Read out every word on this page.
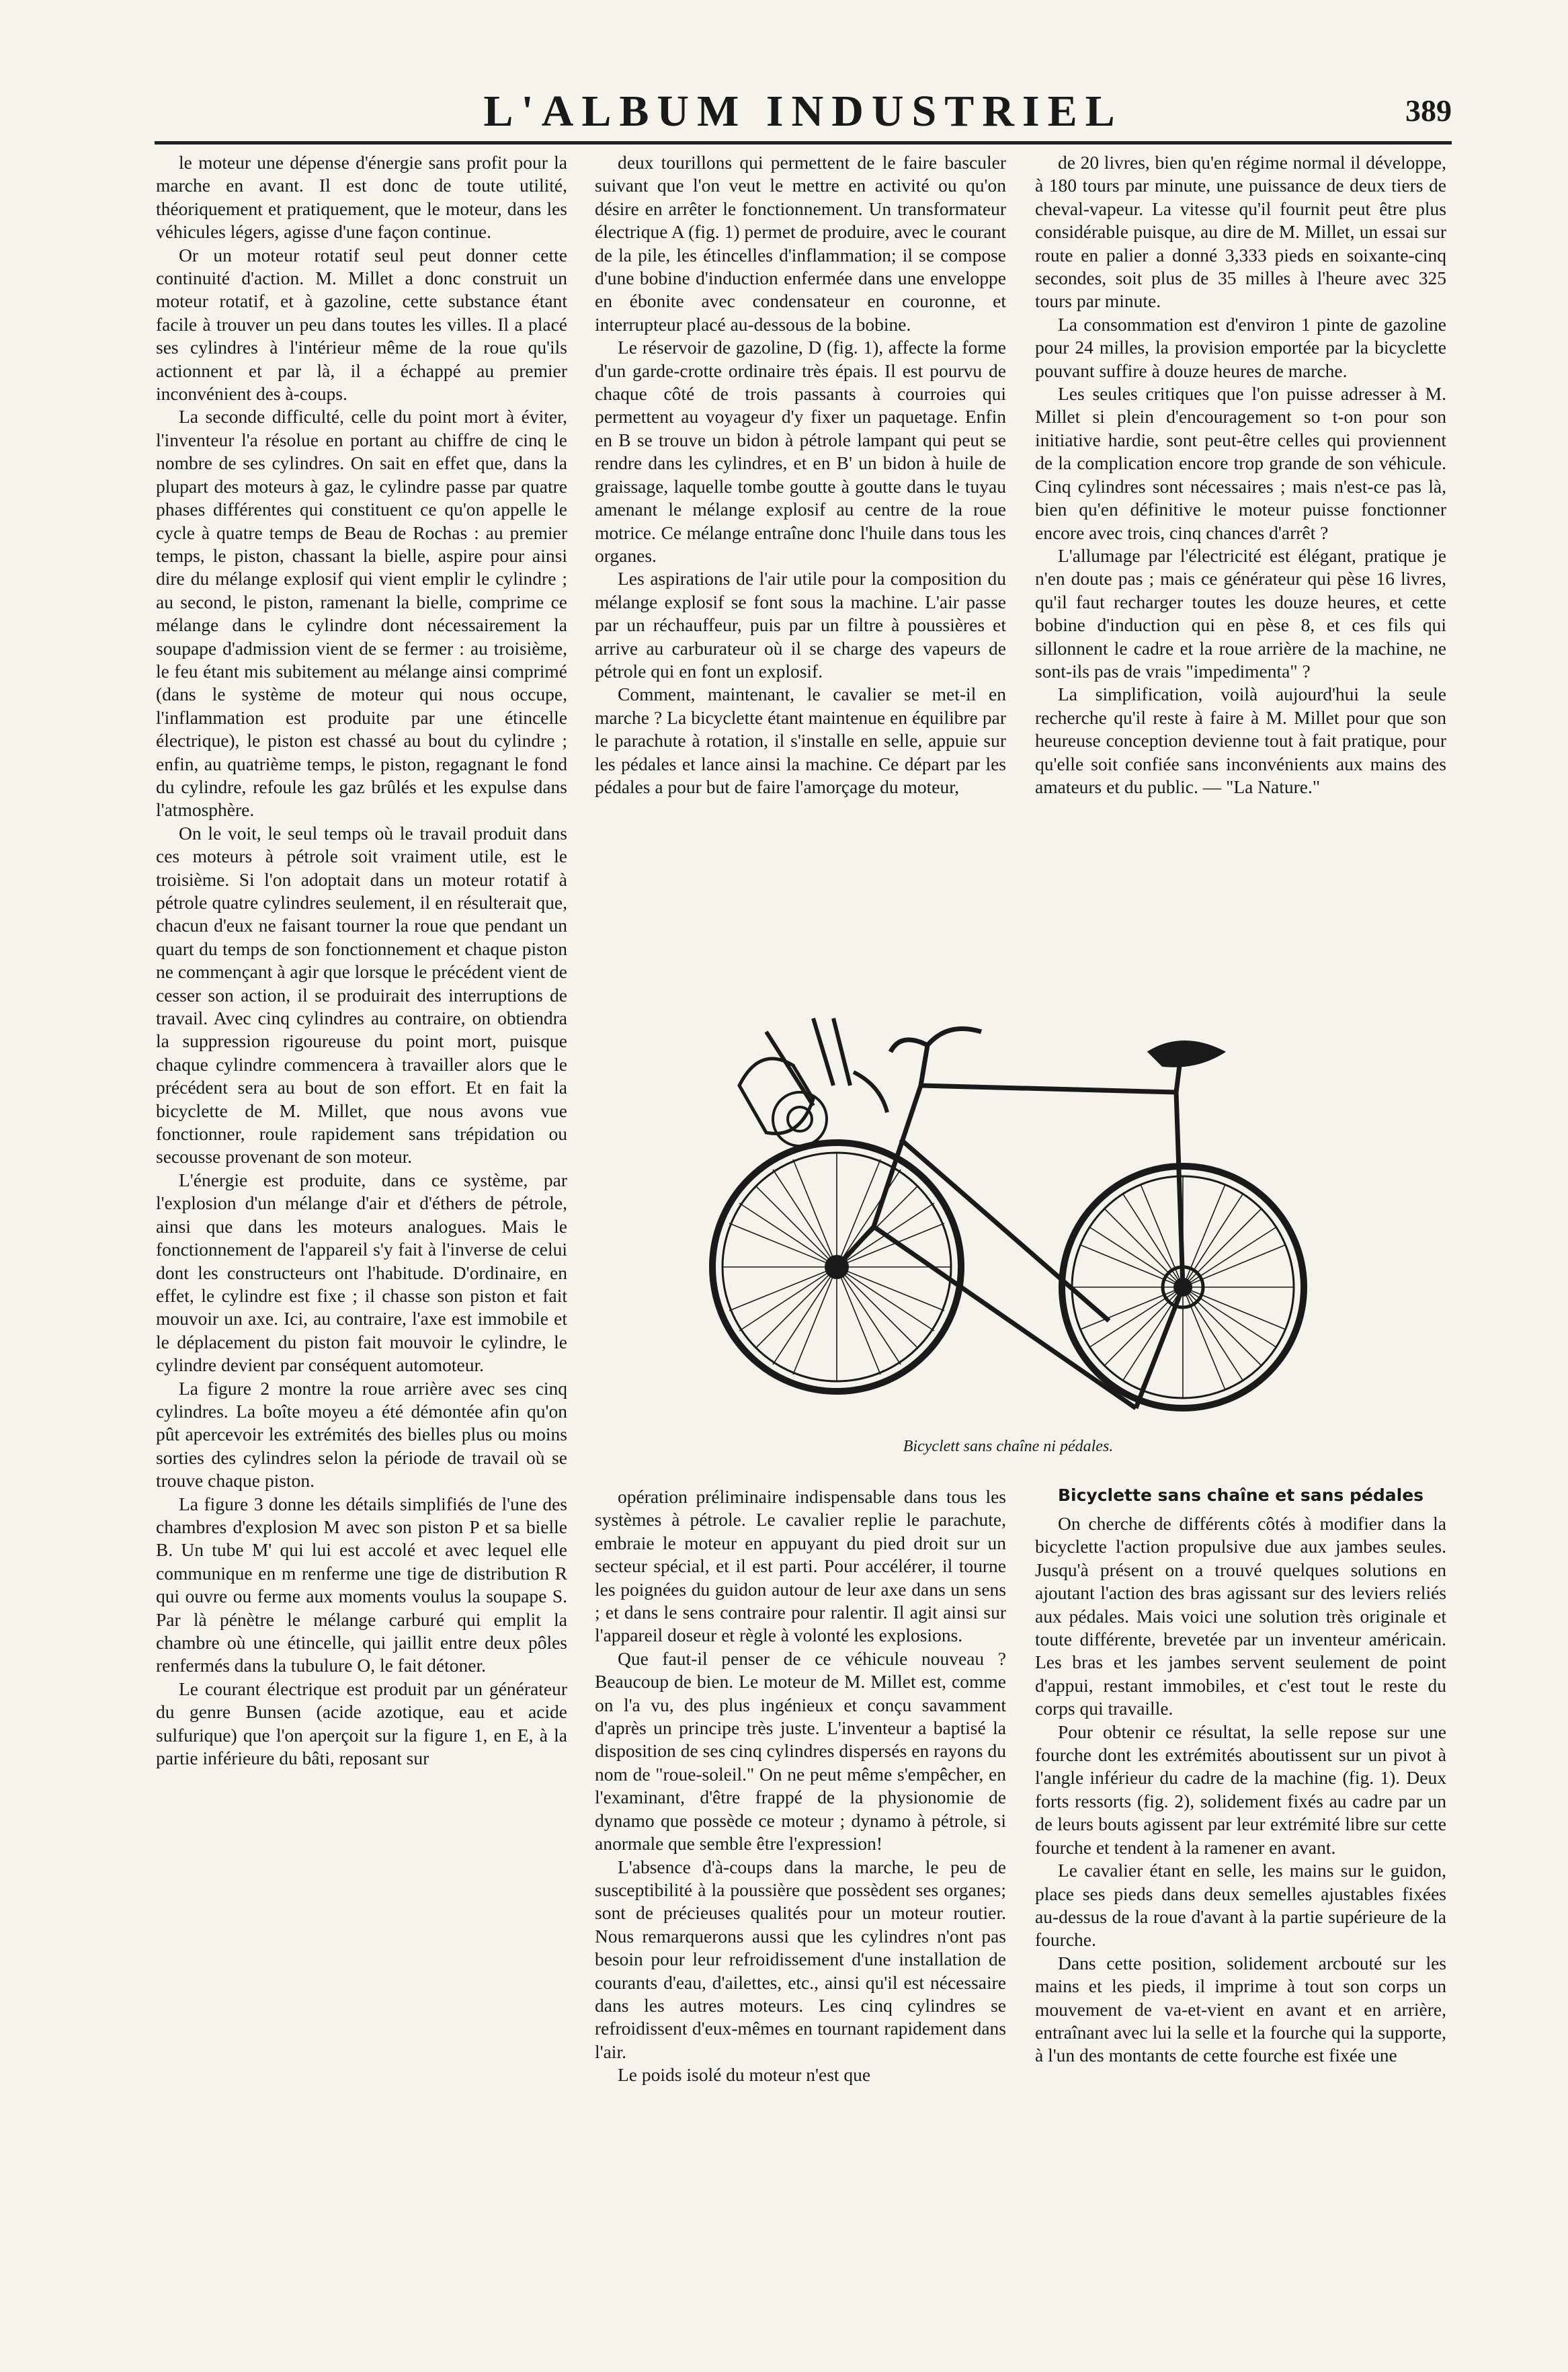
L'ALBUM INDUSTRIEL	389

le moteur une dépense d'énergie sans profit pour la marche en avant. Il est donc de toute utilité, théoriquement et pratiquement, que le moteur, dans les véhicules légers, agisse d'une façon continue.

Or un moteur rotatif seul peut donner cette continuité d'action. M. Millet a donc construit un moteur rotatif, et à gazoline, cette substance étant facile à trouver un peu dans toutes les villes. Il a placé ses cylindres à l'intérieur même de la roue qu'ils actionnent et par là, il a échappé au premier inconvénient des à-coups.

La seconde difficulté, celle du point mort à éviter, l'inventeur l'a résolue en portant au chiffre de cinq le nombre de ses cylindres. On sait en effet que, dans la plupart des moteurs à gaz, le cylindre passe par quatre phases différentes qui constituent ce qu'on appelle le cycle à quatre temps de Beau de Rochas : au premier temps, le piston, chassant la bielle, aspire pour ainsi dire du mélange explosif qui vient emplir le cylindre ; au second, le piston, ramenant la bielle, comprime ce mélange dans le cylindre dont nécessairement la soupape d'admission vient de se fermer : au troisième, le feu étant mis subitement au mélange ainsi comprimé (dans le système de moteur qui nous occupe, l'inflammation est produite par une étincelle électrique), le piston est chassé au bout du cylindre ; enfin, au quatrième temps, le piston, regagnant le fond du cylindre, refoule les gaz brûlés et les expulse dans l'atmosphère.

On le voit, le seul temps où le travail produit dans ces moteurs à pétrole soit vraiment utile, est le troisième. Si l'on adoptait dans un moteur rotatif à pétrole quatre cylindres seulement, il en résulterait que, chacun d'eux ne faisant tourner la roue que pendant un quart du temps de son fonctionnement et chaque piston ne commençant à agir que lorsque le précédent vient de cesser son action, il se produirait des interruptions de travail. Avec cinq cylindres au contraire, on obtiendra la suppression rigoureuse du point mort, puisque chaque cylindre commencera à travailler alors que le précédent sera au bout de son effort. Et en fait la bicyclette de M. Millet, que nous avons vue fonctionner, roule rapidement sans trépidation ou secousse provenant de son moteur.

L'énergie est produite, dans ce système, par l'explosion d'un mélange d'air et d'éthers de pétrole, ainsi que dans les moteurs analogues. Mais le fonctionnement de l'appareil s'y fait à l'inverse de celui dont les constructeurs ont l'habitude. D'ordinaire, en effet, le cylindre est fixe ; il chasse son piston et fait mouvoir un axe. Ici, au contraire, l'axe est immobile et le déplacement du piston fait mouvoir le cylindre, le cylindre devient par conséquent automoteur.

La figure 2 montre la roue arrière avec ses cinq cylindres. La boîte moyeu a été démontée afin qu'on pût apercevoir les extrémités des bielles plus ou moins sorties des cylindres selon la période de travail où se trouve chaque piston.

La figure 3 donne les détails simplifiés de l'une des chambres d'explosion M avec son piston P et sa bielle B. Un tube M' qui lui est accolé et avec lequel elle communique en m renferme une tige de distribution R qui ouvre ou ferme aux moments voulus la soupape S. Par là pénètre le mélange carburé qui emplit la chambre où une étincelle, qui jaillit entre deux pôles renfermés dans la tubulure O, le fait détoner.

Le courant électrique est produit par un générateur du genre Bunsen (acide azotique, eau et acide sulfurique) que l'on aperçoit sur la figure 1, en E, à la partie inférieure du bâti, reposant sur

deux tourillons qui permettent de le faire basculer suivant que l'on veut le mettre en activité ou qu'on désire en arrêter le fonctionnement. Un transformateur électrique A (fig. 1) permet de produire, avec le courant de la pile, les étincelles d'inflammation; il se compose d'une bobine d'induction enfermée dans une enveloppe en ébonite avec condensateur en couronne, et interrupteur placé au-dessous de la bobine.

Le réservoir de gazoline, D (fig. 1), affecte la forme d'un garde-crotte ordinaire très épais. Il est pourvu de chaque côté de trois passants à courroies qui permettent au voyageur d'y fixer un paquetage. Enfin en B se trouve un bidon à pétrole lampant qui peut se rendre dans les cylindres, et en B' un bidon à huile de graissage, laquelle tombe goutte à goutte dans le tuyau amenant le mélange explosif au centre de la roue motrice. Ce mélange entraîne donc l'huile dans tous les organes.

Les aspirations de l'air utile pour la composition du mélange explosif se font sous la machine. L'air passe par un réchauffeur, puis par un filtre à poussières et arrive au carburateur où il se charge des vapeurs de pétrole qui en font un explosif.

Comment, maintenant, le cavalier se met-il en marche ? La bicyclette étant maintenue en équilibre par le parachute à rotation, il s'installe en selle, appuie sur les pédales et lance ainsi la machine. Ce départ par les pédales a pour but de faire l'amorçage du moteur,

de 20 livres, bien qu'en régime normal il développe, à 180 tours par minute, une puissance de deux tiers de cheval-vapeur. La vitesse qu'il fournit peut être plus considérable puisque, au dire de M. Millet, un essai sur route en palier a donné 3,333 pieds en soixante-cinq secondes, soit plus de 35 milles à l'heure avec 325 tours par minute.

La consommation est d'environ 1 pinte de gazoline pour 24 milles, la provision emportée par la bicyclette pouvant suffire à douze heures de marche.

Les seules critiques que l'on puisse adresser à M. Millet si plein d'encouragement so t-on pour son initiative hardie, sont peut-être celles qui proviennent de la complication encore trop grande de son véhicule. Cinq cylindres sont nécessaires ; mais n'est-ce pas là, bien qu'en définitive le moteur puisse fonctionner encore avec trois, cinq chances d'arrêt ?

L'allumage par l'électricité est élégant, pratique je n'en doute pas ; mais ce générateur qui pèse 16 livres, qu'il faut recharger toutes les douze heures, et cette bobine d'induction qui en pèse 8, et ces fils qui sillonnent le cadre et la roue arrière de la machine, ne sont-ils pas de vrais "impedimenta" ?

La simplification, voilà aujourd'hui la seule recherche qu'il reste à faire à M. Millet pour que son heureuse conception devienne tout à fait pratique, pour qu'elle soit confiée sans inconvénients aux mains des amateurs et du public. — "La Nature."

Bicyclett sans chaîne ni pédales.

opération préliminaire indispensable dans tous les systèmes à pétrole. Le cavalier replie le parachute, embraie le moteur en appuyant du pied droit sur un secteur spécial, et il est parti. Pour accélérer, il tourne les poignées du guidon autour de leur axe dans un sens ; et dans le sens contraire pour ralentir. Il agit ainsi sur l'appareil doseur et règle à volonté les explosions.

Que faut-il penser de ce véhicule nouveau ? Beaucoup de bien. Le moteur de M. Millet est, comme on l'a vu, des plus ingénieux et conçu savamment d'après un principe très juste. L'inventeur a baptisé la disposition de ses cinq cylindres dispersés en rayons du nom de "roue-soleil." On ne peut même s'empêcher, en l'examinant, d'être frappé de la physionomie de dynamo que possède ce moteur ; dynamo à pétrole, si anormale que semble être l'expression!

L'absence d'à-coups dans la marche, le peu de susceptibilité à la poussière que possèdent ses organes; sont de précieuses qualités pour un moteur routier. Nous remarquerons aussi que les cylindres n'ont pas besoin pour leur refroidissement d'une installation de courants d'eau, d'ailettes, etc., ainsi qu'il est nécessaire dans les autres moteurs. Les cinq cylindres se refroidissent d'eux-mêmes en tournant rapidement dans l'air.

Le poids isolé du moteur n'est que

Bicyclette sans chaîne et sans pédales

On cherche de différents côtés à modifier dans la bicyclette l'action propulsive due aux jambes seules. Jusqu'à présent on a trouvé quelques solutions en ajoutant l'action des bras agissant sur des leviers reliés aux pédales. Mais voici une solution très originale et toute différente, brevetée par un inventeur américain. Les bras et les jambes servent seulement de point d'appui, restant immobiles, et c'est tout le reste du corps qui travaille.

Pour obtenir ce résultat, la selle repose sur une fourche dont les extrémités aboutissent sur un pivot à l'angle inférieur du cadre de la machine (fig. 1). Deux forts ressorts (fig. 2), solidement fixés au cadre par un de leurs bouts agissent par leur extrémité libre sur cette fourche et tendent à la ramener en avant.

Le cavalier étant en selle, les mains sur le guidon, place ses pieds dans deux semelles ajustables fixées au-dessus de la roue d'avant à la partie supérieure de la fourche.

Dans cette position, solidement arcbouté sur les mains et les pieds, il imprime à tout son corps un mouvement de va-et-vient en avant et en arrière, entraînant avec lui la selle et la fourche qui la supporte, à l'un des montants de cette fourche est fixée une
